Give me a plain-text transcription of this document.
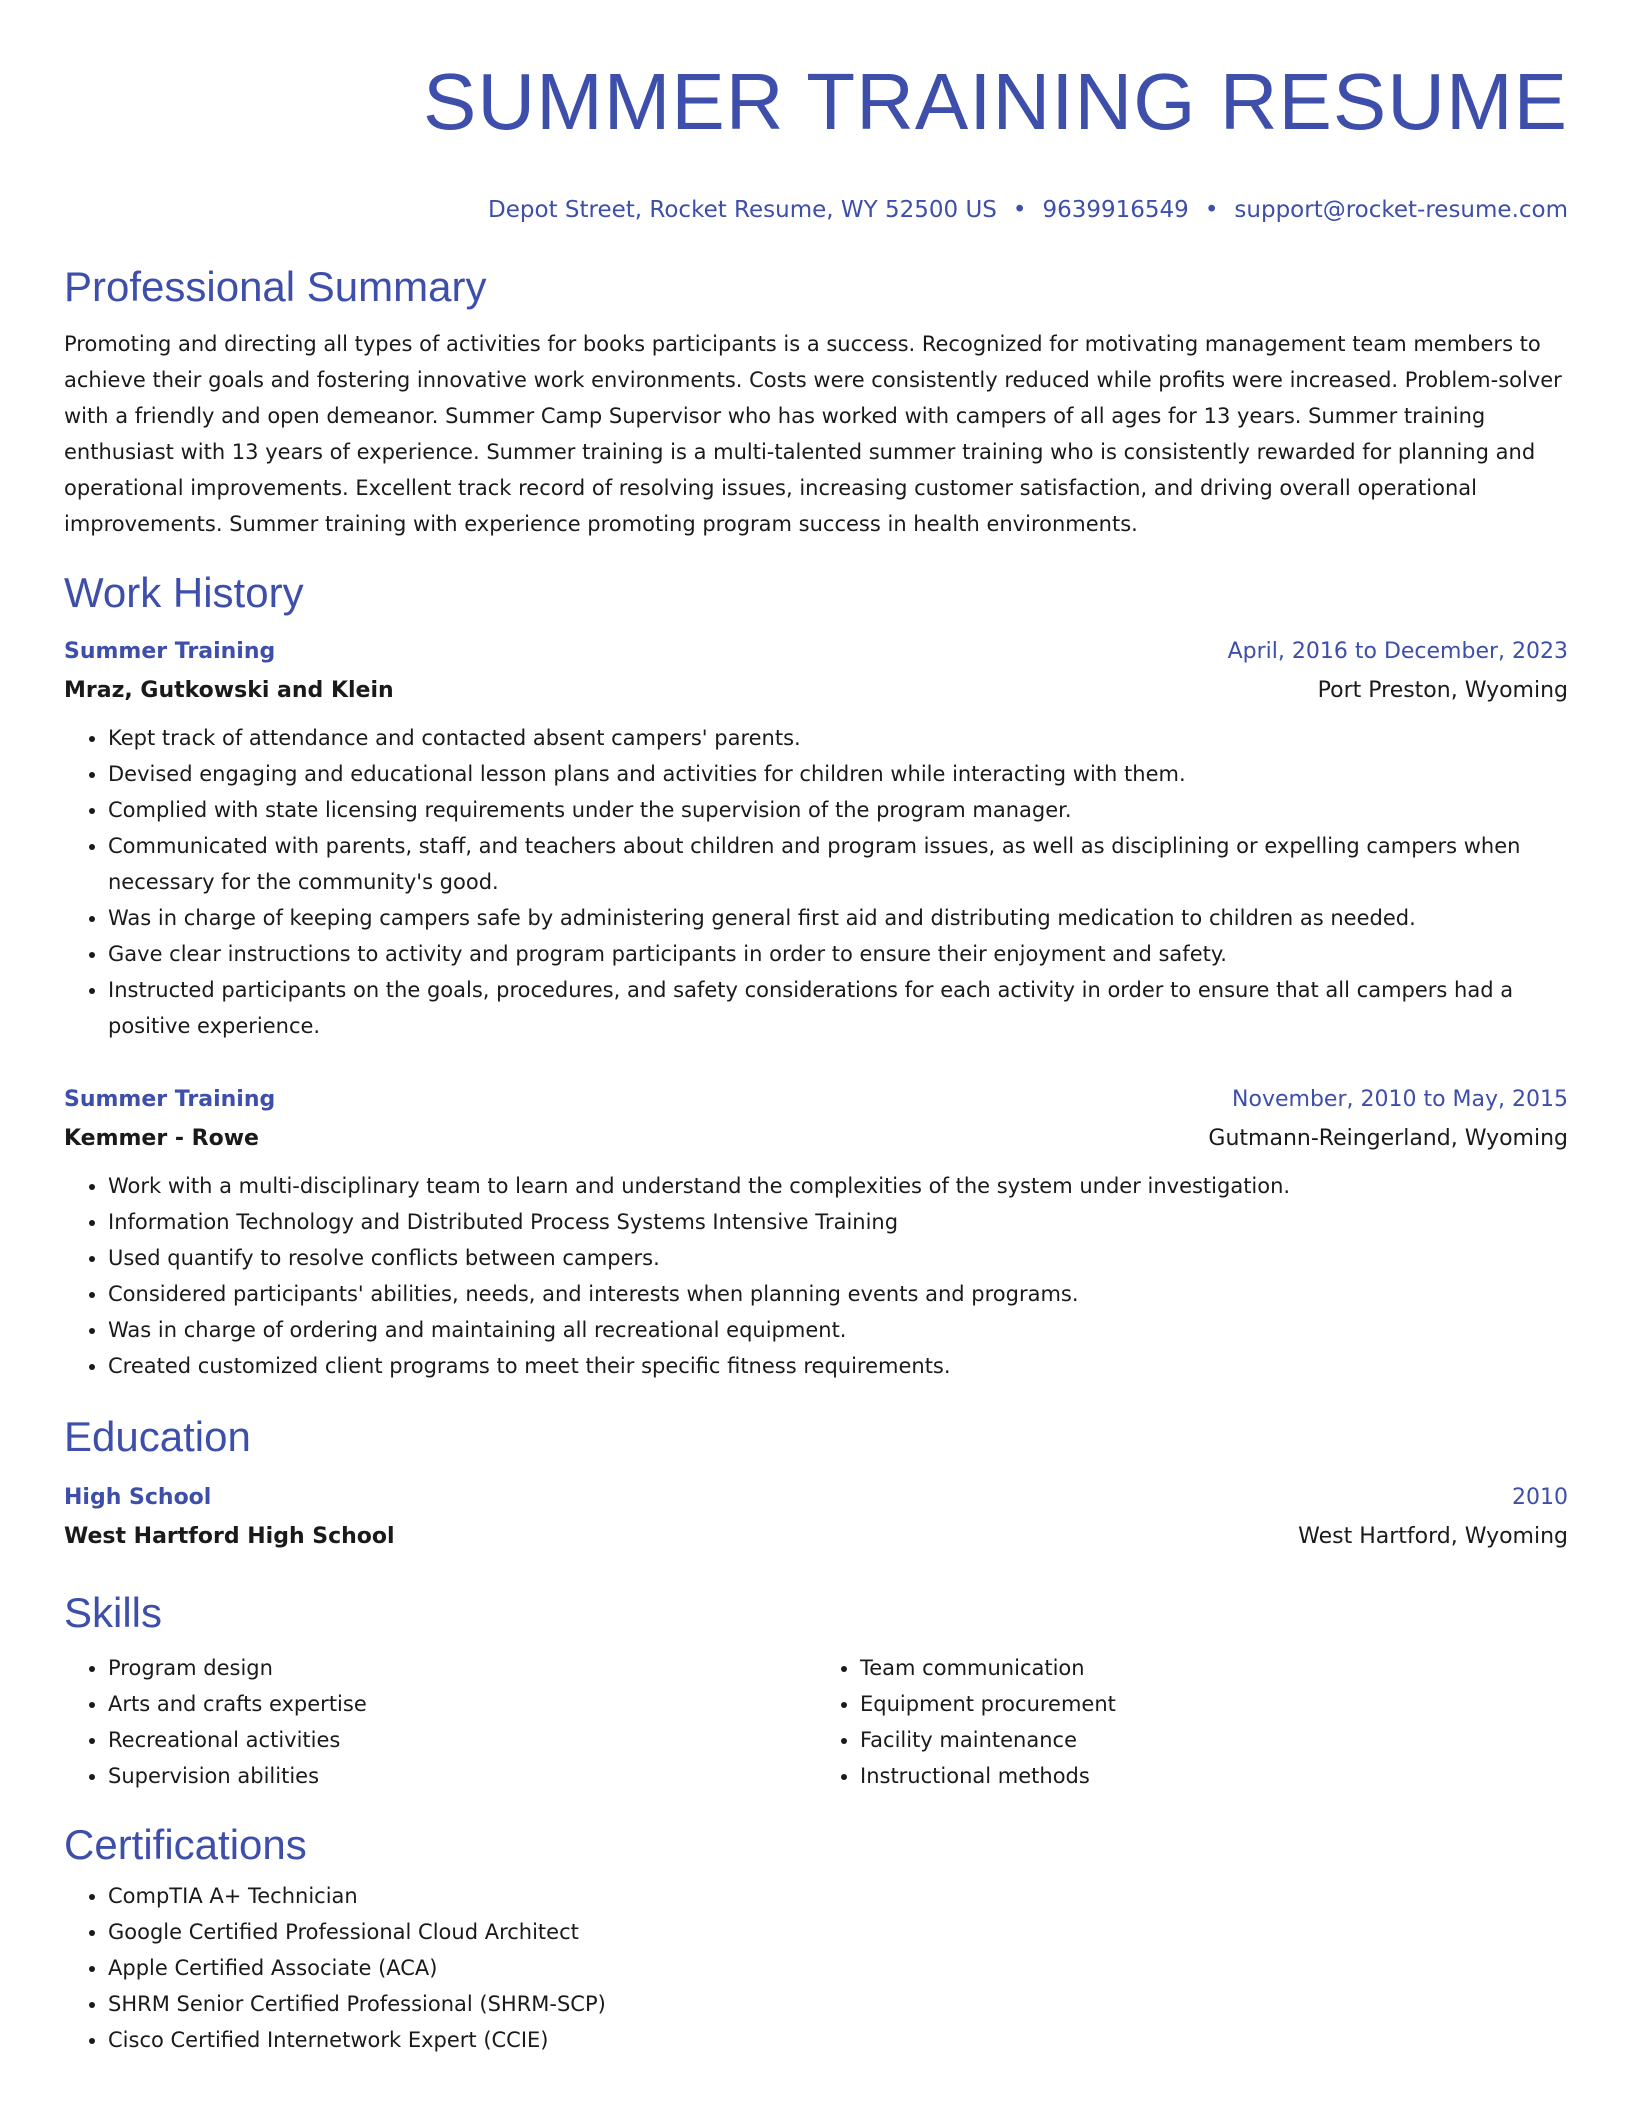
SUMMER TRAINING RESUME
Depot Street, Rocket Resume, WY 52500 US • 9639916549 • support@rocket-resume.com
Professional Summary
Promoting and directing all types of activities for books participants is a success. Recognized for motivating management team members to achieve their goals and fostering innovative work environments. Costs were consistently reduced while profits were increased. Problem-solver with a friendly and open demeanor. Summer Camp Supervisor who has worked with campers of all ages for 13 years. Summer training enthusiast with 13 years of experience. Summer training is a multi-talented summer training who is consistently rewarded for planning and operational improvements. Excellent track record of resolving issues, increasing customer satisfaction, and driving overall operational improvements. Summer training with experience promoting program success in health environments.
Work History
Summer Training	April, 2016 to December, 2023
Mraz, Gutkowski and Klein	Port Preston, Wyoming
• Kept track of attendance and contacted absent campers' parents.
• Devised engaging and educational lesson plans and activities for children while interacting with them.
• Complied with state licensing requirements under the supervision of the program manager.
• Communicated with parents, staff, and teachers about children and program issues, as well as disciplining or expelling campers when necessary for the community's good.
• Was in charge of keeping campers safe by administering general first aid and distributing medication to children as needed.
• Gave clear instructions to activity and program participants in order to ensure their enjoyment and safety.
• Instructed participants on the goals, procedures, and safety considerations for each activity in order to ensure that all campers had a positive experience.
Summer Training	November, 2010 to May, 2015
Kemmer - Rowe	Gutmann-Reingerland, Wyoming
• Work with a multi-disciplinary team to learn and understand the complexities of the system under investigation.
• Information Technology and Distributed Process Systems Intensive Training
• Used quantify to resolve conflicts between campers.
• Considered participants' abilities, needs, and interests when planning events and programs.
• Was in charge of ordering and maintaining all recreational equipment.
• Created customized client programs to meet their specific fitness requirements.
Education
High School	2010
West Hartford High School	West Hartford, Wyoming
Skills
• Program design
• Arts and crafts expertise
• Recreational activities
• Supervision abilities
• Team communication
• Equipment procurement
• Facility maintenance
• Instructional methods
Certifications
• CompTIA A+ Technician
• Google Certified Professional Cloud Architect
• Apple Certified Associate (ACA)
• SHRM Senior Certified Professional (SHRM-SCP)
• Cisco Certified Internetwork Expert (CCIE)
